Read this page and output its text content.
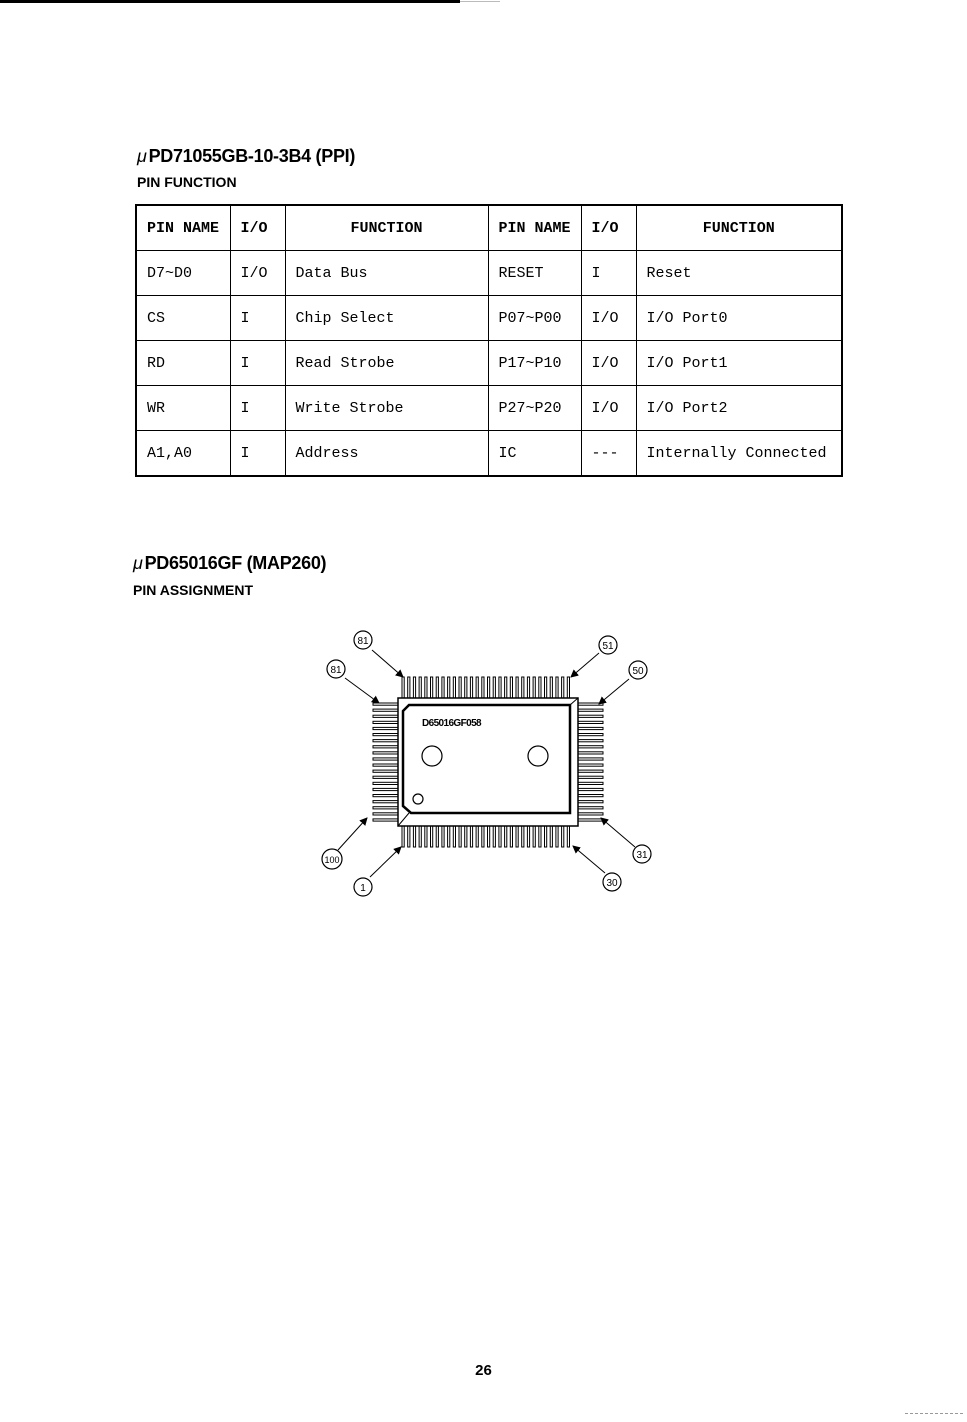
μ PD71055GB-10-3B4 (PPI)
PIN FUNCTION
PIN NAME	I/O	FUNCTION	PIN NAME	I/O	FUNCTION
D7~D0	I/O	Data Bus	RESET	I	Reset
CS	I	Chip Select	P07~P00	I/O	I/O Port0
RD	I	Read Strobe	P17~P10	I/O	I/O Port1
WR	I	Write Strobe	P27~P20	I/O	I/O Port2
A1,A0	I	Address	IC	---	Internally Connected
μ PD65016GF (MAP260)
PIN ASSIGNMENT
D65016GF058
81
81
51
50
100
1
31
30
26
